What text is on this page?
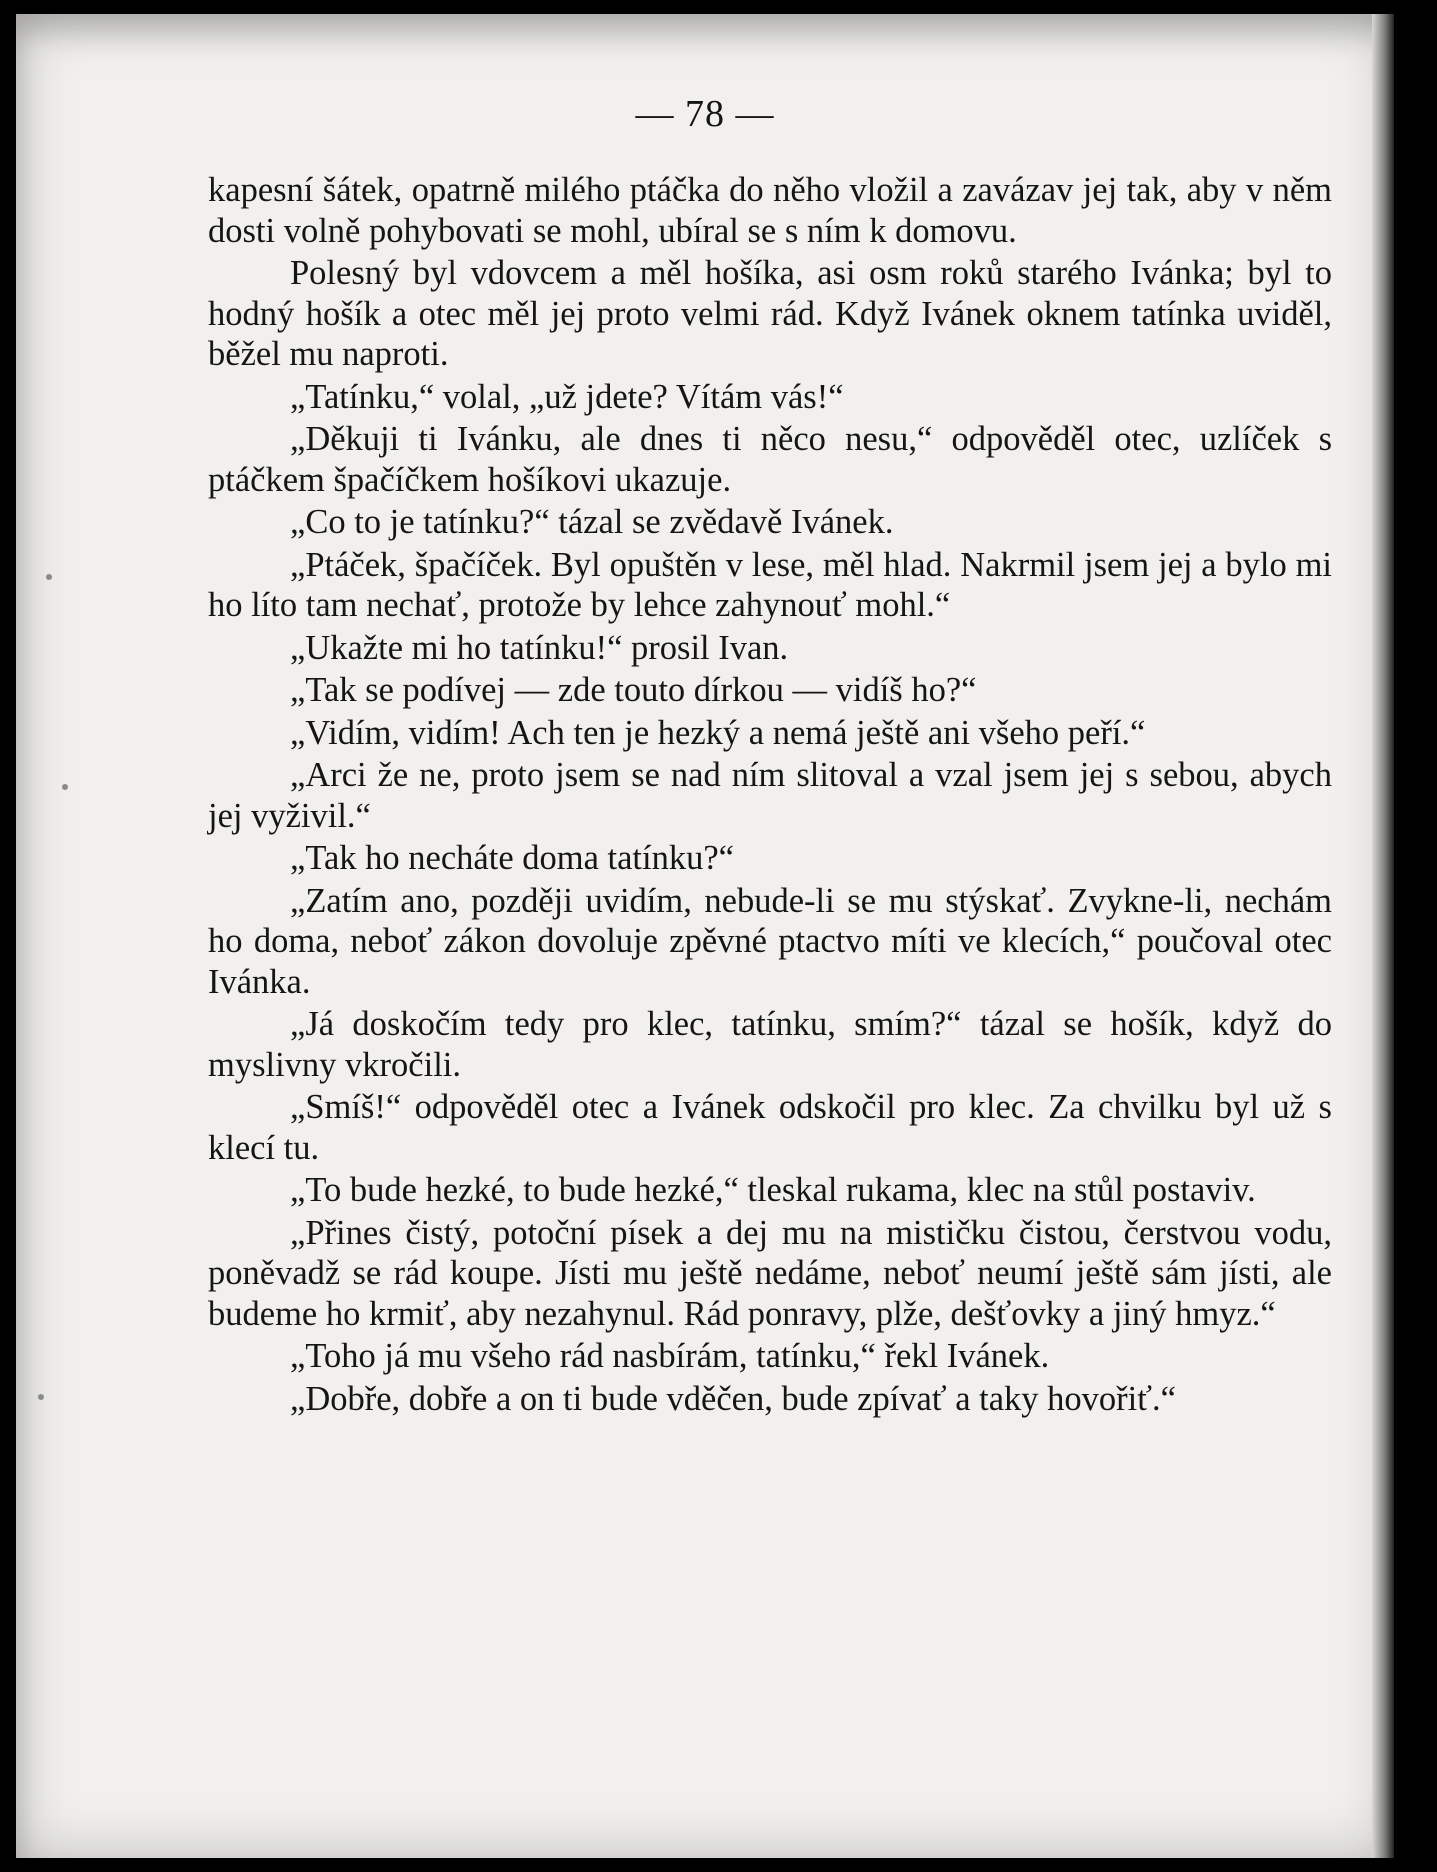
— 78 —

kapesní šátek, opatrně milého ptáčka do něho vložil a zavázav jej tak, aby v něm dosti volně pohybovati se mohl, ubíral se s ním k domovu.

Polesný byl vdovcem a měl hošíka, asi osm roků starého Ivánka; byl to hodný hošík a otec měl jej proto velmi rád. Když Ivánek oknem tatínka uviděl, běžel mu naproti.

„Tatínku,“ volal, „už jdete? Vítám vás!“

„Děkuji ti Ivánku, ale dnes ti něco nesu,“ odpověděl otec, uzlíček s ptáčkem špačíčkem hošíkovi ukazuje.

„Co to je tatínku?“ tázal se zvědavě Ivánek.

„Ptáček, špačíček. Byl opuštěn v lese, měl hlad. Nakrmil jsem jej a bylo mi ho líto tam nechať, protože by lehce zahynouť mohl.“

„Ukažte mi ho tatínku!“ prosil Ivan.

„Tak se podívej — zde touto dírkou — vidíš ho?“

„Vidím, vidím! Ach ten je hezký a nemá ještě ani všeho peří.“

„Arci že ne, proto jsem se nad ním slitoval a vzal jsem jej s sebou, abych jej vyživil.“

„Tak ho necháte doma tatínku?“

„Zatím ano, později uvidím, nebude-li se mu stýskať. Zvykne-li, nechám ho doma, neboť zákon dovoluje zpěvné ptactvo míti ve klecích,“ poučoval otec Ivánka.

„Já doskočím tedy pro klec, tatínku, smím?“ tázal se hošík, když do myslivny vkročili.

„Smíš!“ odpověděl otec a Ivánek odskočil pro klec. Za chvilku byl už s klecí tu.

„To bude hezké, to bude hezké,“ tleskal rukama, klec na stůl postaviv.

„Přines čistý, potoční písek a dej mu na mističku čistou, čerstvou vodu, poněvadž se rád koupe. Jísti mu ještě nedáme, neboť neumí ještě sám jísti, ale budeme ho krmiť, aby nezahynul. Rád ponravy, plže, dešťovky a jiný hmyz.“

„Toho já mu všeho rád nasbírám, tatínku,“ řekl Ivánek.

„Dobře, dobře a on ti bude vděčen, bude zpívať a taky hovořiť.“
